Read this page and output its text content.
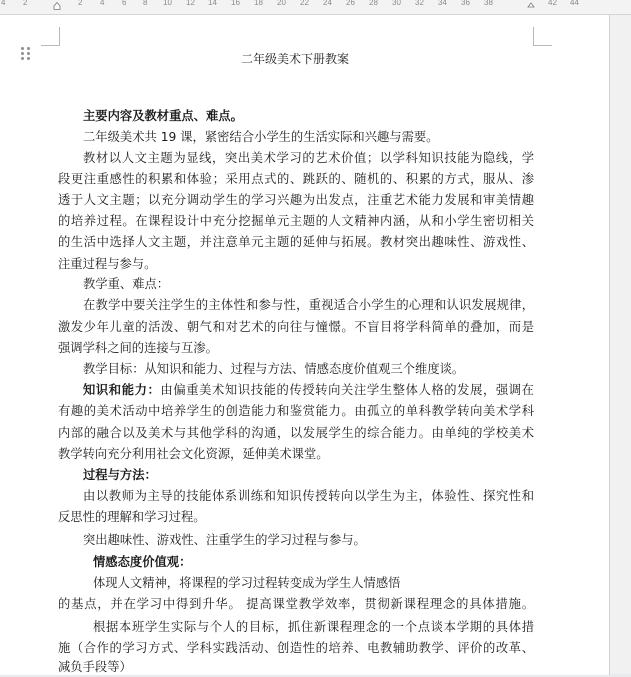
4 2	2 4 6 8 10 12 14 16 18 20 22 24 26 28 30 32 34 36 38	42 44
二年级美术下册教案
主要内容及教材重点、难点。
二年级美术共 19 课，紧密结合小学生的生活实际和兴趣与需要。
教材以人文主题为显线，突出美术学习的艺术价值；以学科知识技能为隐线，学
段更注重感性的积累和体验；采用点式的、跳跃的、随机的、积累的方式，服从、渗
透于人文主题；以充分调动学生的学习兴趣为出发点，注重艺术能力发展和审美情趣
的培养过程。在课程设计中充分挖掘单元主题的人文精神内涵，从和小学生密切相关
的生活中选择人文主题，并注意单元主题的延伸与拓展。教材突出趣味性、游戏性、
注重过程与参与。
教学重、难点：
在教学中要关注学生的主体性和参与性，重视适合小学生的心理和认识发展规律，
激发少年儿童的活泼、朝气和对艺术的向往与憧憬。不盲目将学科简单的叠加，而是
强调学科之间的连接与互渗。
教学目标：从知识和能力、过程与方法、情感态度价值观三个维度谈。
知识和能力：由偏重美术知识技能的传授转向关注学生整体人格的发展，强调在
有趣的美术活动中培养学生的创造能力和鉴赏能力。由孤立的单科教学转向美术学科
内部的融合以及美术与其他学科的沟通，以发展学生的综合能力。由单纯的学校美术
教学转向充分利用社会文化资源，延伸美术课堂。
过程与方法：
由以教师为主导的技能体系训练和知识传授转向以学生为主，体验性、探究性和
反思性的理解和学习过程。
突出趣味性、游戏性、注重学生的学习过程与参与。
情感态度价值观：
体现人文精神，将课程的学习过程转变成为学生人情感悟
的基点，并在学习中得到升华。 提高课堂教学效率，贯彻新课程理念的具体措施。
根据本班学生实际与个人的目标，抓住新课程理念的一个点谈本学期的具体措
施（合作的学习方式、学科实践活动、创造性的培养、电教辅助教学、评价的改革、
减负手段等）
